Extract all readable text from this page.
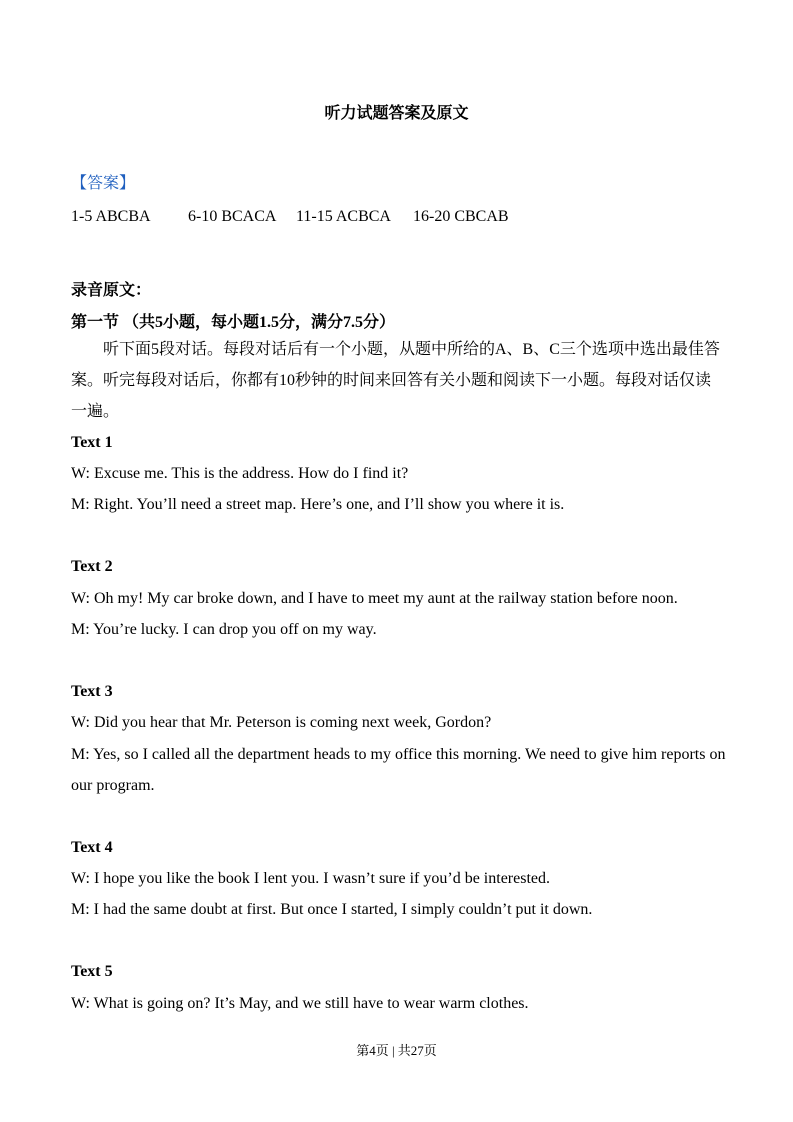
听力试题答案及原文
【答案】
1-5 ABCBA 6-10 BCACA 11-15 ACBCA 16-20 CBCAB
录音原文：
第一节 （共5小题，每小题1.5分，满分7.5分）
听下面5段对话。每段对话后有一个小题，从题中所给的A、B、C三个选项中选出最佳答案。听完每段对话后，你都有10秒钟的时间来回答有关小题和阅读下一小题。每段对话仅读一遍。
Text 1
W: Excuse me. This is the address. How do I find it?
M: Right. You’ll need a street map. Here’s one, and I’ll show you where it is.
Text 2
W: Oh my! My car broke down, and I have to meet my aunt at the railway station before noon.
M: You’re lucky. I can drop you off on my way.
Text 3
W: Did you hear that Mr. Peterson is coming next week, Gordon?
M: Yes, so I called all the department heads to my office this morning. We need to give him reports on our program.
Text 4
W: I hope you like the book I lent you. I wasn’t sure if you’d be interested.
M: I had the same doubt at first. But once I started, I simply couldn’t put it down.
Text 5
W: What is going on? It’s May, and we still have to wear warm clothes.
第4页 | 共27页
